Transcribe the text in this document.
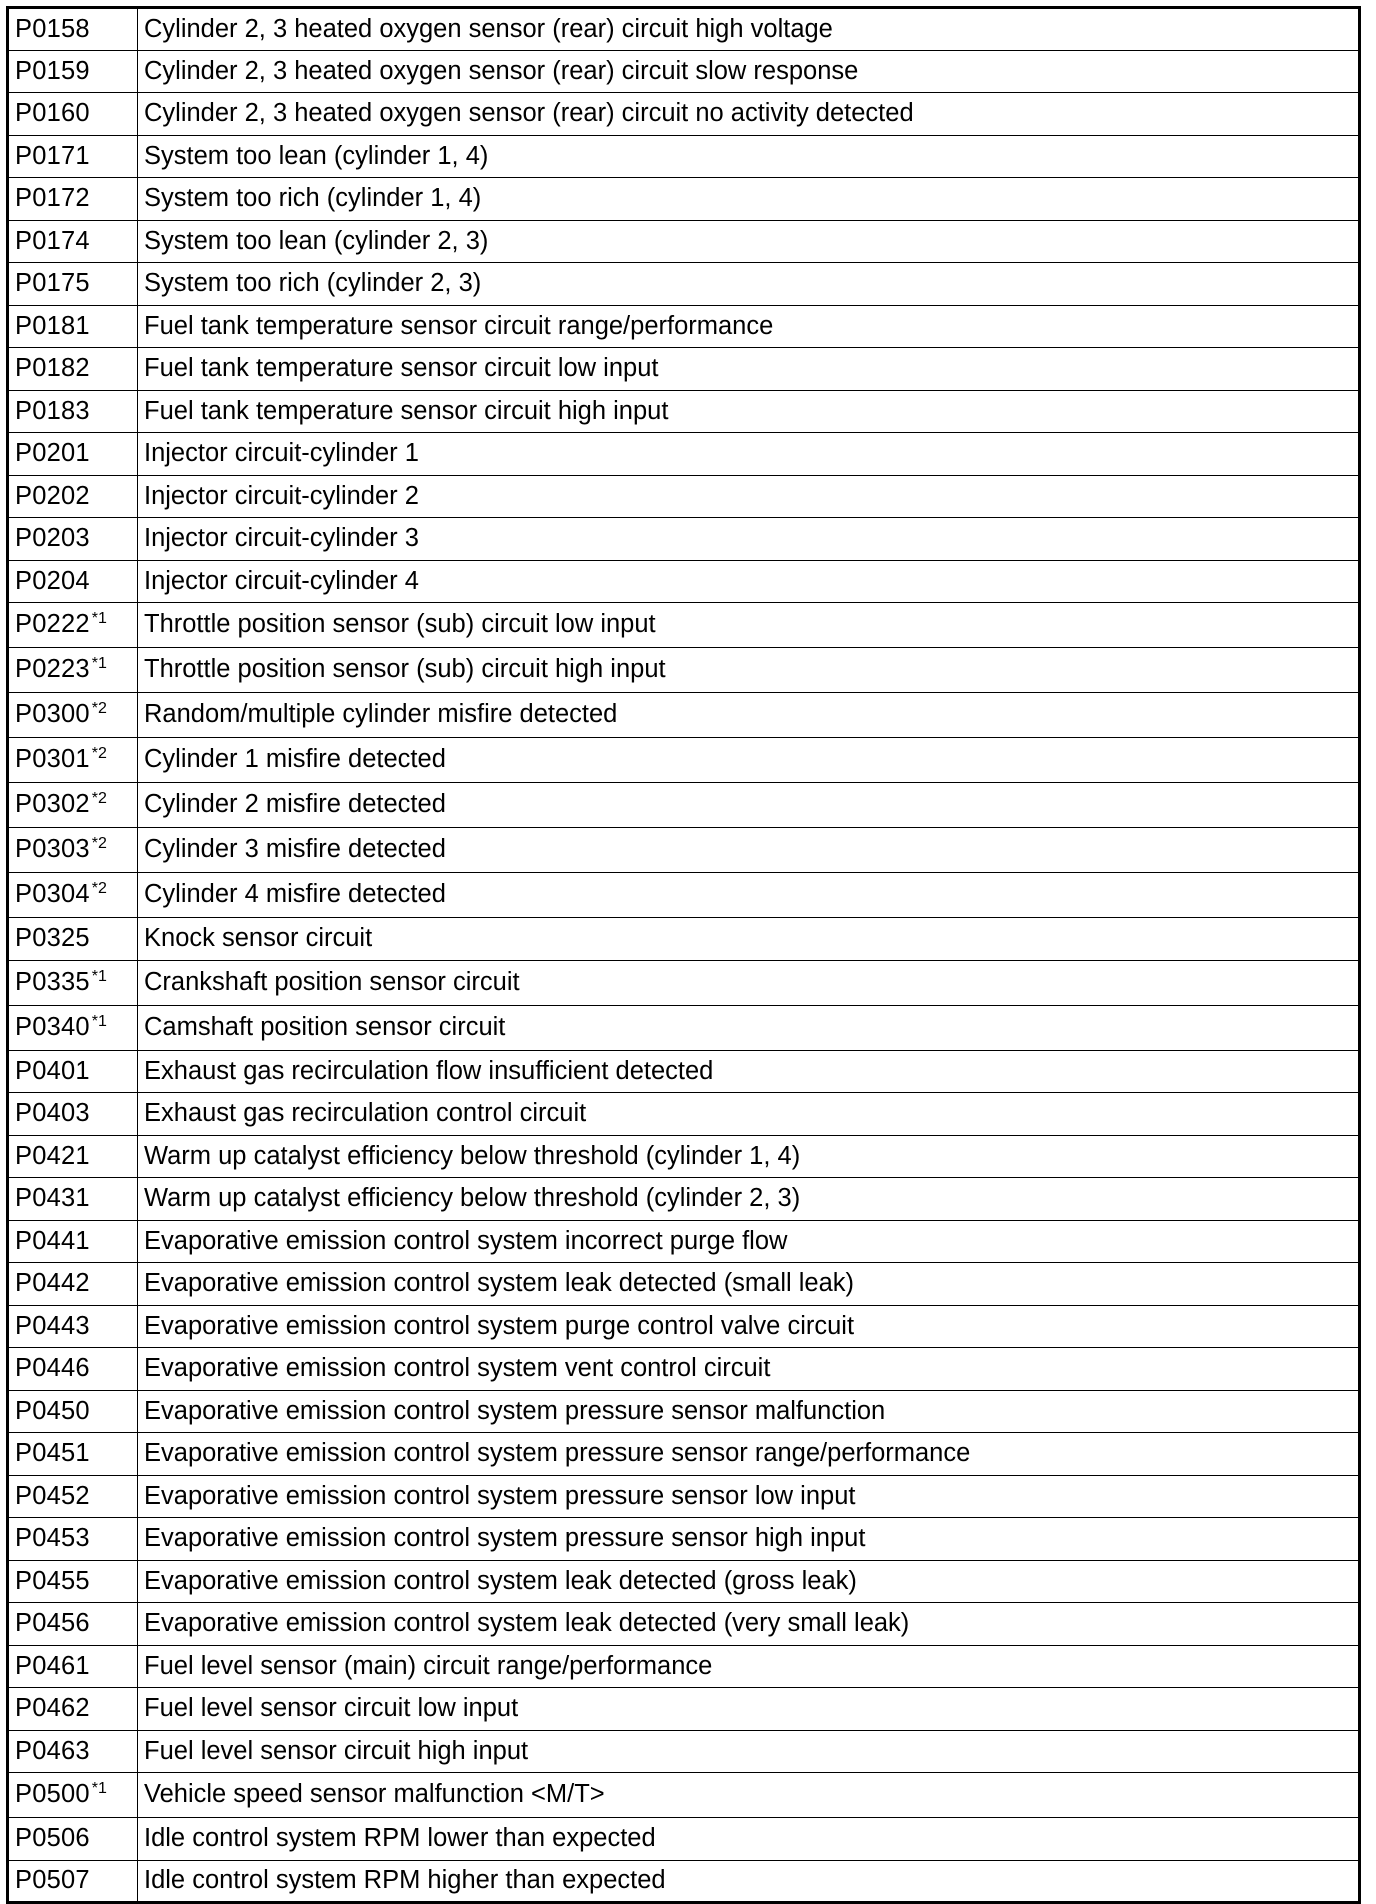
P0158	Cylinder 2, 3 heated oxygen sensor (rear) circuit high voltage
P0159	Cylinder 2, 3 heated oxygen sensor (rear) circuit slow response
P0160	Cylinder 2, 3 heated oxygen sensor (rear) circuit no activity detected
P0171	System too lean (cylinder 1, 4)
P0172	System too rich (cylinder 1, 4)
P0174	System too lean (cylinder 2, 3)
P0175	System too rich (cylinder 2, 3)
P0181	Fuel tank temperature sensor circuit range/performance
P0182	Fuel tank temperature sensor circuit low input
P0183	Fuel tank temperature sensor circuit high input
P0201	Injector circuit-cylinder 1
P0202	Injector circuit-cylinder 2
P0203	Injector circuit-cylinder 3
P0204	Injector circuit-cylinder 4
P0222 $^{*1}$	Throttle position sensor (sub) circuit low input
P0223 $^{*1}$	Throttle position sensor (sub) circuit high input
P0300 $^{*2}$	Random/multiple cylinder misfire detected
P0301 $^{*2}$	Cylinder 1 misfire detected
P0302 $^{*2}$	Cylinder 2 misfire detected
P0303 $^{*2}$	Cylinder 3 misfire detected
P0304 $^{*2}$	Cylinder 4 misfire detected
P0325	Knock sensor circuit
P0335 $^{*1}$	Crankshaft position sensor circuit
P0340 $^{*1}$	Camshaft position sensor circuit
P0401	Exhaust gas recirculation flow insufficient detected
P0403	Exhaust gas recirculation control circuit
P0421	Warm up catalyst efficiency below threshold (cylinder 1, 4)
P0431	Warm up catalyst efficiency below threshold (cylinder 2, 3)
P0441	Evaporative emission control system incorrect purge flow
P0442	Evaporative emission control system leak detected (small leak)
P0443	Evaporative emission control system purge control valve circuit
P0446	Evaporative emission control system vent control circuit
P0450	Evaporative emission control system pressure sensor malfunction
P0451	Evaporative emission control system pressure sensor range/performance
P0452	Evaporative emission control system pressure sensor low input
P0453	Evaporative emission control system pressure sensor high input
P0455	Evaporative emission control system leak detected (gross leak)
P0456	Evaporative emission control system leak detected (very small leak)
P0461	Fuel level sensor (main) circuit range/performance
P0462	Fuel level sensor circuit low input
P0463	Fuel level sensor circuit high input
P0500 $^{*1}$	Vehicle speed sensor malfunction <M/T>
P0506	Idle control system RPM lower than expected
P0507	Idle control system RPM higher than expected
